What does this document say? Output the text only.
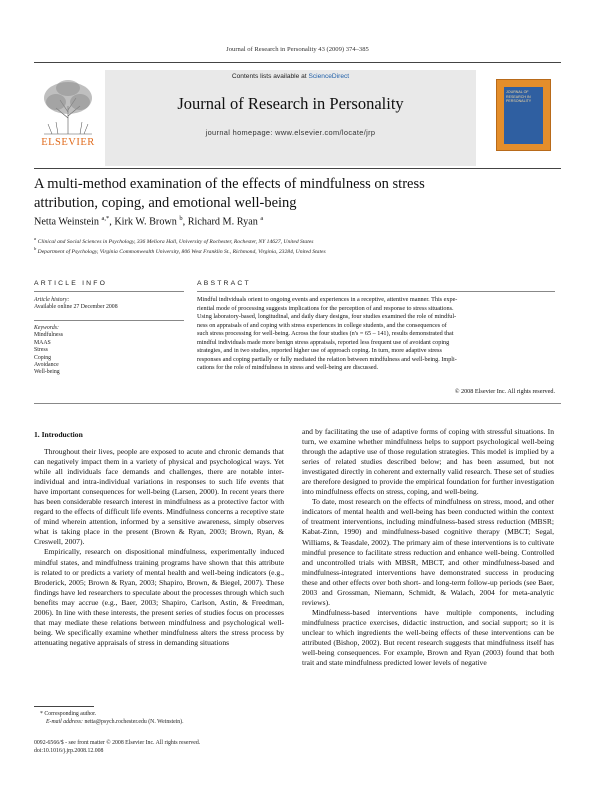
Journal of Research in Personality 43 (2009) 374–385
ELSEVIER
Contents lists available at ScienceDirect
Journal of Research in Personality
journal homepage: www.elsevier.com/locate/jrp
JOURNAL OF RESEARCH IN PERSONALITY
A multi-method examination of the effects of mindfulness on stress
attribution, coping, and emotional well-being
Netta Weinstein $^{a,*}$, Kirk W. Brown $^b$, Richard M. Ryan $^a$
$^a$ Clinical and Social Sciences in Psychology, 336 Meliora Hall, University of Rochester, Rochester, NY 14627, United States
$^b$ Department of Psychology, Virginia Commonwealth University, 806 West Franklin St., Richmond, Virginia, 23284, United States
ARTICLE INFO	ABSTRACT
Article history:
Available online 27 December 2008
Keywords:
Mindfulness
MAAS
Stress
Coping
Avoidance
Well-being
Mindful individuals orient to ongoing events and experiences in a receptive, attentive manner. This expe-
riential mode of processing suggests implications for the perception of and response to stress situations.
Using laboratory-based, longitudinal, and daily diary designs, four studies examined the role of mindful-
ness on appraisals of and coping with stress experiences in college students, and the consequences of
such stress processing for well-being. Across the four studies (n's = 65 – 141), results demonstrated that
mindful individuals made more benign stress appraisals, reported less frequent use of avoidant coping
strategies, and in two studies, reported higher use of approach coping. In turn, more adaptive stress
responses and coping partially or fully mediated the relation between mindfulness and well-being. Impli-
cations for the role of mindfulness in stress and well-being are discussed.
© 2008 Elsevier Inc. All rights reserved.
1. Introduction

Throughout their lives, people are exposed to acute and chronic demands that can negatively impact them in a variety of physical and psychological ways. Yet while all individuals face demands and challenges, there are notable inter-individual and intra-individual variations in responses to such life events that have important consequences for well-being (Larsen, 2000). In recent years there has been considerable research interest in mindfulness as a protective factor with regard to the effects of difficult life events. Mindfulness concerns a receptive state of mind wherein attention, informed by a sensitive awareness, simply observes what is taking place in the present (Brown & Ryan, 2003; Brown, Ryan, & Creswell, 2007).

Empirically, research on dispositional mindfulness, experimentally induced mindful states, and mindfulness training programs have shown that this attribute is related to or predicts a variety of mental health and well-being indicators (e.g., Broderick, 2005; Brown & Ryan, 2003; Shapiro, Brown, & Biegel, 2007). These findings have led researchers to speculate about the processes through which such benefits may accrue (e.g., Baer, 2003; Shapiro, Carlson, Astin, & Freedman, 2006). In line with these interests, the present series of studies focus on processes that may mediate these relations between mindfulness and psychological well-being. We specifically examine whether mindfulness alters the stress process by attenuating negative appraisals of stress in demanding situations

and by facilitating the use of adaptive forms of coping with stressful situations. In turn, we examine whether mindfulness helps to support psychological well-being through the adaptive use of those regulation strategies. This model is implied by a series of related studies described below; and has been assumed, but not investigated directly in coherent and externally valid research. These set of studies are therefore designed to provide the empirical foundation for further investigation into mindfulness effects on stress, coping, and well-being.

To date, most research on the effects of mindfulness on stress, mood, and other indicators of mental health and well-being has been conducted within the context of treatment interventions, including mindfulness-based stress reduction (MBSR; Kabat-Zinn, 1990) and mindfulness-based cognitive therapy (MBCT; Segal, Williams, & Teasdale, 2002). The primary aim of these interventions is to cultivate mindful presence to facilitate stress reduction and enhance well-being. Controlled and uncontrolled trials with MBSR, MBCT, and other mindfulness-based and mindfulness-integrated interventions have demonstrated success in producing these and other effects over both short- and long-term follow-up periods (see Baer, 2003 and Grossman, Niemann, Schmidt, & Walach, 2004 for meta-analytic reviews).

Mindfulness-based interventions have multiple components, including mindfulness practice exercises, didactic instruction, and social support; so it is unclear to which ingredients the well-being effects of these interventions can be attributed (Bishop, 2002). But recent research suggests that mindfulness itself has well-being consequences. For example, Brown and Ryan (2003) found that both trait and state mindfulness predicted lower levels of negative

* Corresponding author.
E-mail address: netta@psych.rochester.edu (N. Weinstein).
0092-6566/$ - see front matter © 2008 Elsevier Inc. All rights reserved.
doi:10.1016/j.jrp.2008.12.008
